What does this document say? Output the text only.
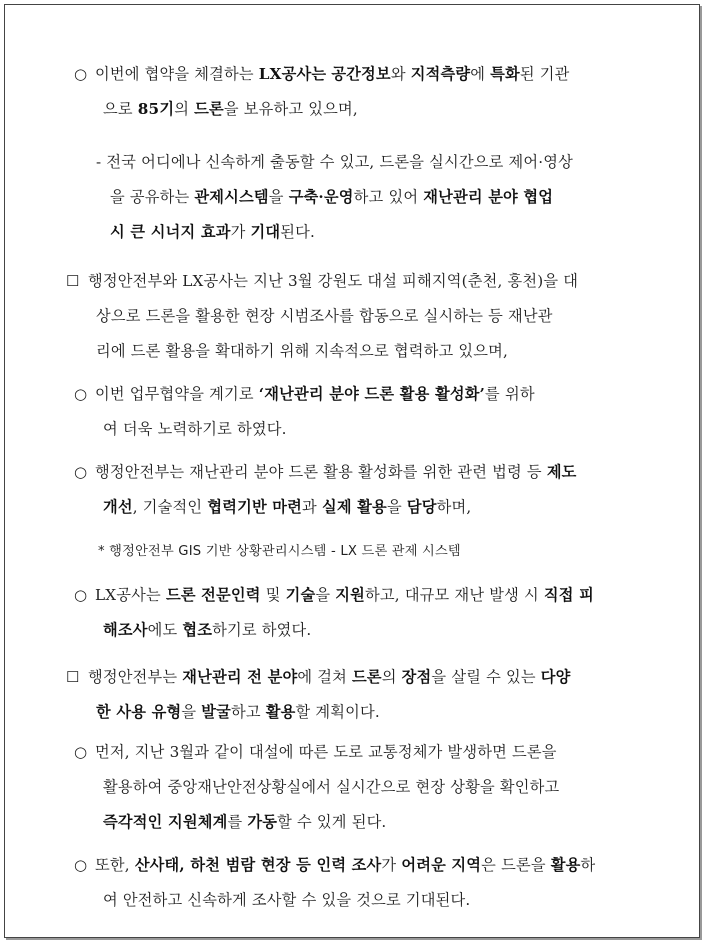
○ 이번에 협약을 체결하는 LX공사는 공간정보와 지적측량에 특화된 기관
으로 85기의 드론을 보유하고 있으며,
- 전국 어디에나 신속하게 출동할 수 있고, 드론을 실시간으로 제어·영상
을 공유하는 관제시스템을 구축·운영하고 있어 재난관리 분야 협업
시 큰 시너지 효과가 기대된다.
☐ 행정안전부와 LX공사는 지난 3월 강원도 대설 피해지역(춘천, 홍천)을 대
상으로 드론을 활용한 현장 시범조사를 합동으로 실시하는 등 재난관
리에 드론 활용을 확대하기 위해 지속적으로 협력하고 있으며,
○ 이번 업무협약을 계기로 ‘재난관리 분야 드론 활용 활성화’를 위하
여 더욱 노력하기로 하였다.
○ 행정안전부는 재난관리 분야 드론 활용 활성화를 위한 관련 법령 등 제도
개선, 기술적인 협력기반 마련과 실제 활용을 담당하며,
* 행정안전부 GIS 기반 상황관리시스템 - LX 드론 관제 시스템
○ LX공사는 드론 전문인력 및 기술을 지원하고, 대규모 재난 발생 시 직접 피
해조사에도 협조하기로 하였다.
☐ 행정안전부는 재난관리 전 분야에 걸쳐 드론의 장점을 살릴 수 있는 다양
한 사용 유형을 발굴하고 활용할 계획이다.
○ 먼저, 지난 3월과 같이 대설에 따른 도로 교통정체가 발생하면 드론을
활용하여 중앙재난안전상황실에서 실시간으로 현장 상황을 확인하고
즉각적인 지원체계를 가동할 수 있게 된다.
○ 또한, 산사태, 하천 범람 현장 등 인력 조사가 어려운 지역은 드론을 활용하
여 안전하고 신속하게 조사할 수 있을 것으로 기대된다.
